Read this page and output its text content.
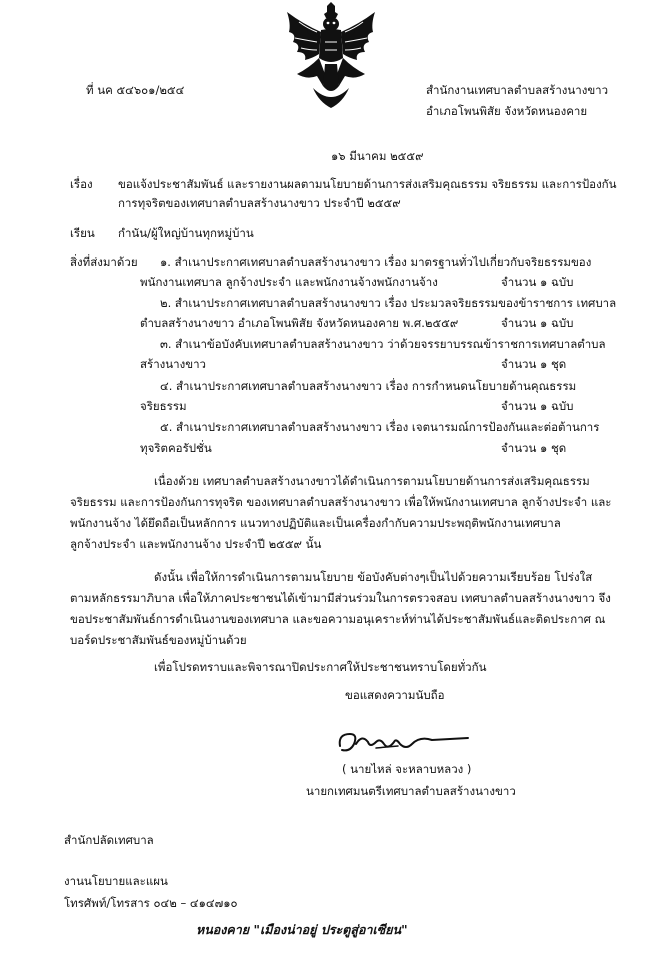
ที่ นค ๕๔๖๐๑/๒๕๔	สำนักงานเทศบาลตำบลสร้างนางขาว
อำเภอโพนพิสัย จังหวัดหนองคาย
๑๖ มีนาคม ๒๕๕๙
เรื่อง ขอแจ้งประชาสัมพันธ์ และรายงานผลตามนโยบายด้านการส่งเสริมคุณธรรม จริยธรรม และการป้องกัน
การทุจริตของเทศบาลตำบลสร้างนางขาว ประจำปี ๒๕๕๙
เรียน กำนัน/ผู้ใหญ่บ้านทุกหมู่บ้าน
สิ่งที่ส่งมาด้วย ๑. สำเนาประกาศเทศบาลตำบลสร้างนางขาว เรื่อง มาตรฐานทั่วไปเกี่ยวกับจริยธรรมของ
พนักงานเทศบาล ลูกจ้างประจำ และพนักงานจ้างพนักงานจ้าง	จำนวน ๑ ฉบับ
๒. สำเนาประกาศเทศบาลตำบลสร้างนางขาว เรื่อง ประมวลจริยธรรมของข้าราชการ เทศบาล
ตำบลสร้างนางขาว อำเภอโพนพิสัย จังหวัดหนองคาย พ.ศ.๒๕๕๙	จำนวน ๑ ฉบับ
๓. สำเนาข้อบังคับเทศบาลตำบลสร้างนางขาว ว่าด้วยจรรยาบรรณข้าราชการเทศบาลตำบล
สร้างนางขาว	จำนวน ๑ ชุด
๔. สำเนาประกาศเทศบาลตำบลสร้างนางขาว เรื่อง การกำหนดนโยบายด้านคุณธรรม
จริยธรรม	จำนวน ๑ ฉบับ
๕. สำเนาประกาศเทศบาลตำบลสร้างนางขาว เรื่อง เจตนารมณ์การป้องกันและต่อต้านการ
ทุจริตคอรัปชั่น	จำนวน ๑ ชุด
เนื่องด้วย เทศบาลตำบลสร้างนางขาวได้ดำเนินการตามนโยบายด้านการส่งเสริมคุณธรรม
จริยธรรม และการป้องกันการทุจริต ของเทศบาลตำบลสร้างนางขาว เพื่อให้พนักงานเทศบาล ลูกจ้างประจำ และ
พนักงานจ้าง ได้ยึดถือเป็นหลักการ แนวทางปฏิบัติและเป็นเครื่องกำกับความประพฤติพนักงานเทศบาล
ลูกจ้างประจำ และพนักงานจ้าง ประจำปี ๒๕๕๙ นั้น
ดังนั้น เพื่อให้การดำเนินการตามนโยบาย ข้อบังคับต่างๆเป็นไปด้วยความเรียบร้อย โปร่งใส
ตามหลักธรรมาภิบาล เพื่อให้ภาคประชาชนได้เข้ามามีส่วนร่วมในการตรวจสอบ เทศบาลตำบลสร้างนางขาว จึง
ขอประชาสัมพันธ์การดำเนินงานของเทศบาล และขอความอนุเคราะห์ท่านได้ประชาสัมพันธ์และติดประกาศ ณ
บอร์ดประชาสัมพันธ์ของหมู่บ้านด้วย
เพื่อโปรดทราบและพิจารณาปิดประกาศให้ประชาชนทราบโดยทั่วกัน
ขอแสดงความนับถือ
( นายไหล่ จะหลาบหลวง )
นายกเทศมนตรีเทศบาลตำบลสร้างนางขาว
สำนักปลัดเทศบาล
งานนโยบายและแผน
โทรศัพท์/โทรสาร ๐๔๒ – ๔๑๔๗๑๐
หนองคาย "เมืองน่าอยู่ ประตูสู่อาเซียน"
